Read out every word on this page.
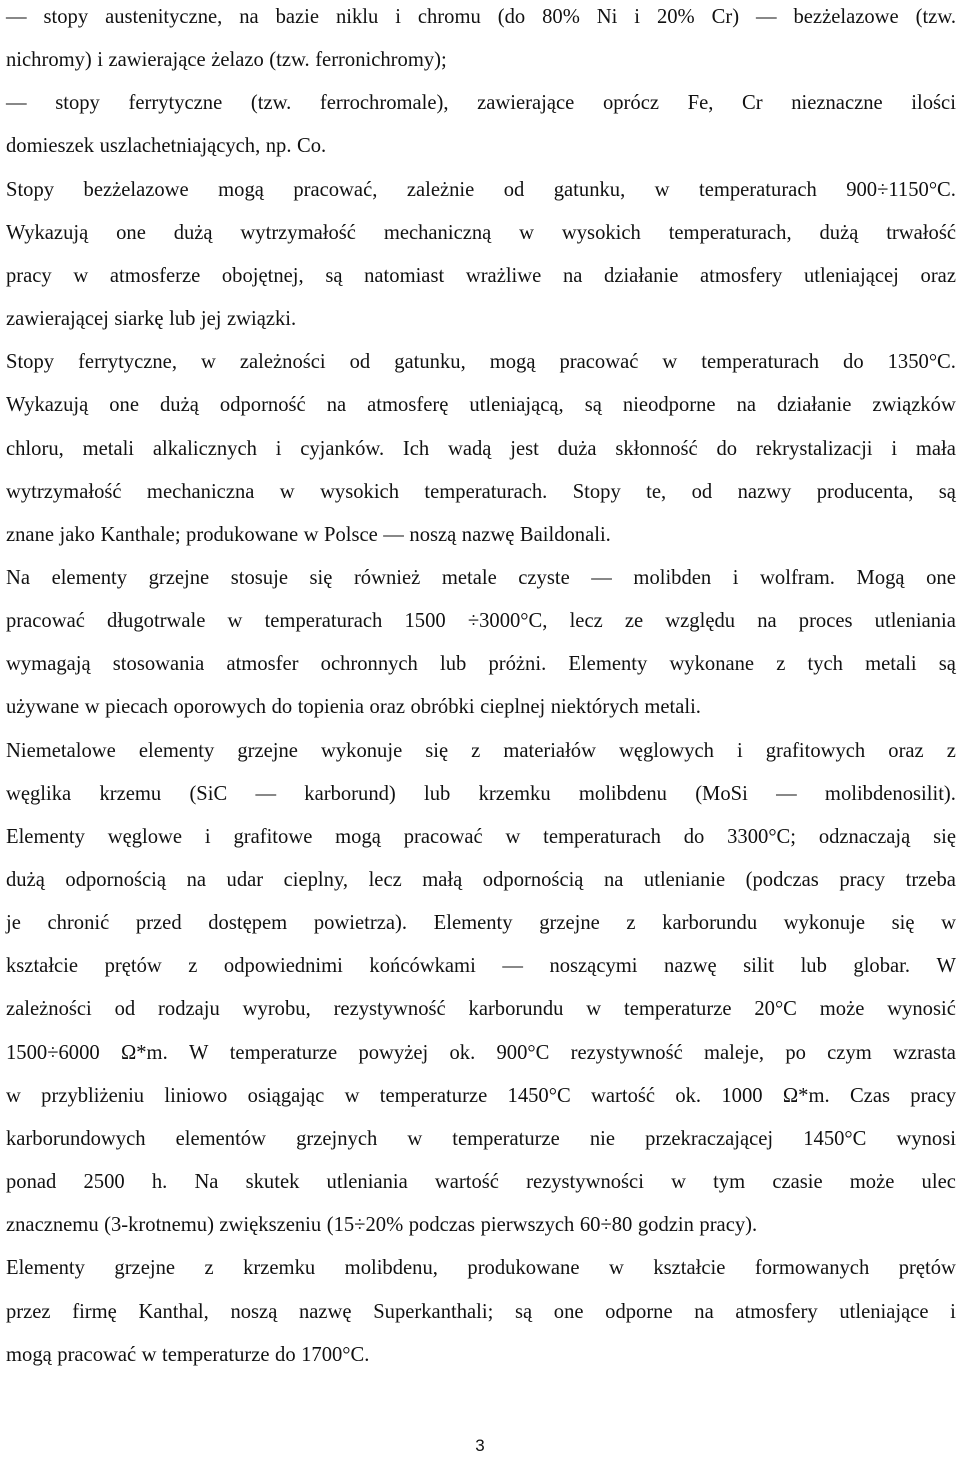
— stopy austenityczne, na bazie niklu i chromu (do 80% Ni i 20% Cr) — bezżelazowe (tzw.
nichromy) i zawierające żelazo (tzw. ferronichromy);
— stopy ferrytyczne (tzw. ferrochromale), zawierające oprócz Fe, Cr nieznaczne ilości
domieszek uszlachetniających, np. Co.
Stopy bezżelazowe mogą pracować, zależnie od gatunku, w temperaturach 900÷1150°C.
Wykazują one dużą wytrzymałość mechaniczną w wysokich temperaturach, dużą trwałość
pracy w atmosferze obojętnej, są natomiast wrażliwe na działanie atmosfery utleniającej oraz
zawierającej siarkę lub jej związki.
Stopy ferrytyczne, w zależności od gatunku, mogą pracować w temperaturach do 1350°C.
Wykazują one dużą odporność na atmosferę utleniającą, są nieodporne na działanie związków
chloru, metali alkalicznych i cyjanków. Ich wadą jest duża skłonność do rekrystalizacji i mała
wytrzymałość mechaniczna w wysokich temperaturach. Stopy te, od nazwy producenta, są
znane jako Kanthale; produkowane w Polsce — noszą nazwę Baildonali.
Na elementy grzejne stosuje się również metale czyste — molibden i wolfram. Mogą one
pracować długotrwale w temperaturach 1500 ÷3000°C, lecz ze względu na proces utleniania
wymagają stosowania atmosfer ochronnych lub próżni. Elementy wykonane z tych metali są
używane w piecach oporowych do topienia oraz obróbki cieplnej niektórych metali.
Niemetalowe elementy grzejne wykonuje się z materiałów węglowych i grafitowych oraz z
węglika krzemu (SiC — karborund) lub krzemku molibdenu (MoSi — molibdenosilit).
Elementy węglowe i grafitowe mogą pracować w temperaturach do 3300°C; odznaczają się
dużą odpornością na udar cieplny, lecz małą odpornością na utlenianie (podczas pracy trzeba
je chronić przed dostępem powietrza). Elementy grzejne z karborundu wykonuje się w
kształcie prętów z odpowiednimi końcówkami — noszącymi nazwę silit lub globar. W
zależności od rodzaju wyrobu, rezystywność karborundu w temperaturze 20°C może wynosić
1500÷6000 Ω*m. W temperaturze powyżej ok. 900°C rezystywność maleje, po czym wzrasta
w przybliżeniu liniowo osiągając w temperaturze 1450°C wartość ok. 1000 Ω*m. Czas pracy
karborundowych elementów grzejnych w temperaturze nie przekraczającej 1450°C wynosi
ponad 2500 h. Na skutek utleniania wartość rezystywności w tym czasie może ulec
znacznemu (3-krotnemu) zwiększeniu (15÷20% podczas pierwszych 60÷80 godzin pracy).
Elementy grzejne z krzemku molibdenu, produkowane w kształcie formowanych prętów
przez firmę Kanthal, noszą nazwę Superkanthali; są one odporne na atmosfery utleniające i
mogą pracować w temperaturze do 1700°C.
3
